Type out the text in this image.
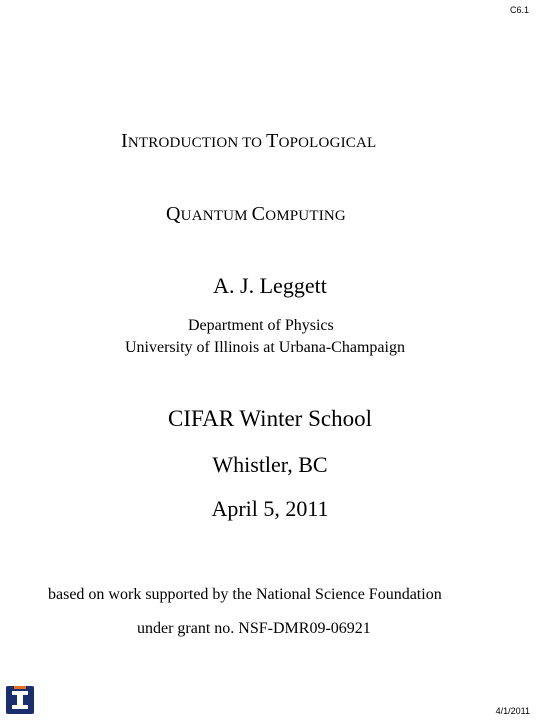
C6.1
INTRODUCTION TO TOPOLOGICAL
QUANTUM COMPUTING
A. J. Leggett
Department of Physics
University of Illinois at Urbana-Champaign
CIFAR Winter School
Whistler, BC
April 5, 2011
based on work supported by the National Science Foundation
under grant no. NSF-DMR09-06921
4/1/2011
